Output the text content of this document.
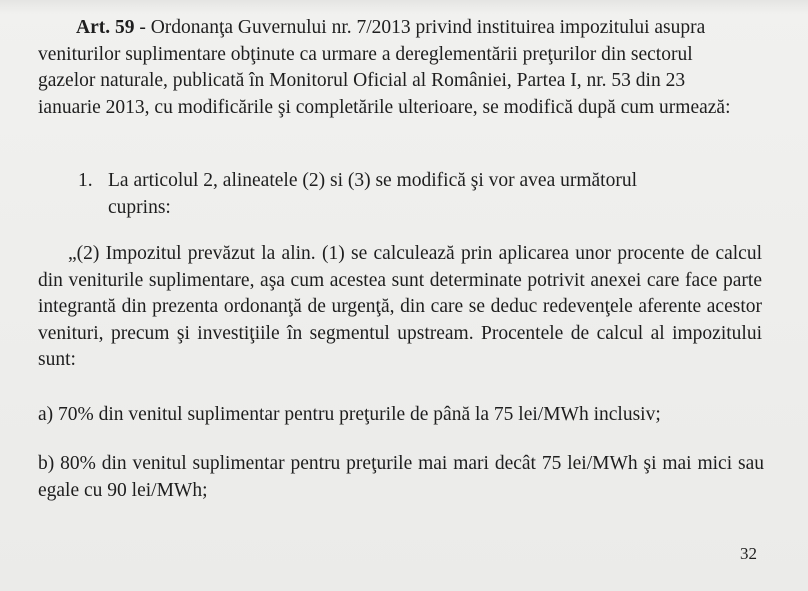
Art. 59 - Ordonanţa Guvernului nr. 7/2013 privind instituirea impozitului asupra veniturilor suplimentare obţinute ca urmare a dereglementării preţurilor din sectorul gazelor naturale, publicată în Monitorul Oficial al României, Partea I, nr. 53 din 23 ianuarie 2013, cu modificările şi completările ulterioare, se modifică după cum urmează:
1. La articolul 2, alineatele (2) si (3) se modifică şi vor avea următorul
cuprins:
„(2) Impozitul prevăzut la alin. (1) se calculează prin aplicarea unor procente de calcul din veniturile suplimentare, aşa cum acestea sunt determinate potrivit anexei care face parte integrantă din prezenta ordonanţă de urgenţă, din care se deduc redevenţele aferente acestor venituri, precum şi investiţiile în segmentul upstream. Procentele de calcul al impozitului sunt:
a) 70% din venitul suplimentar pentru preţurile de până la 75 lei/MWh inclusiv;
b) 80% din venitul suplimentar pentru preţurile mai mari decât 75 lei/MWh şi mai mici sau egale cu 90 lei/MWh;
32
